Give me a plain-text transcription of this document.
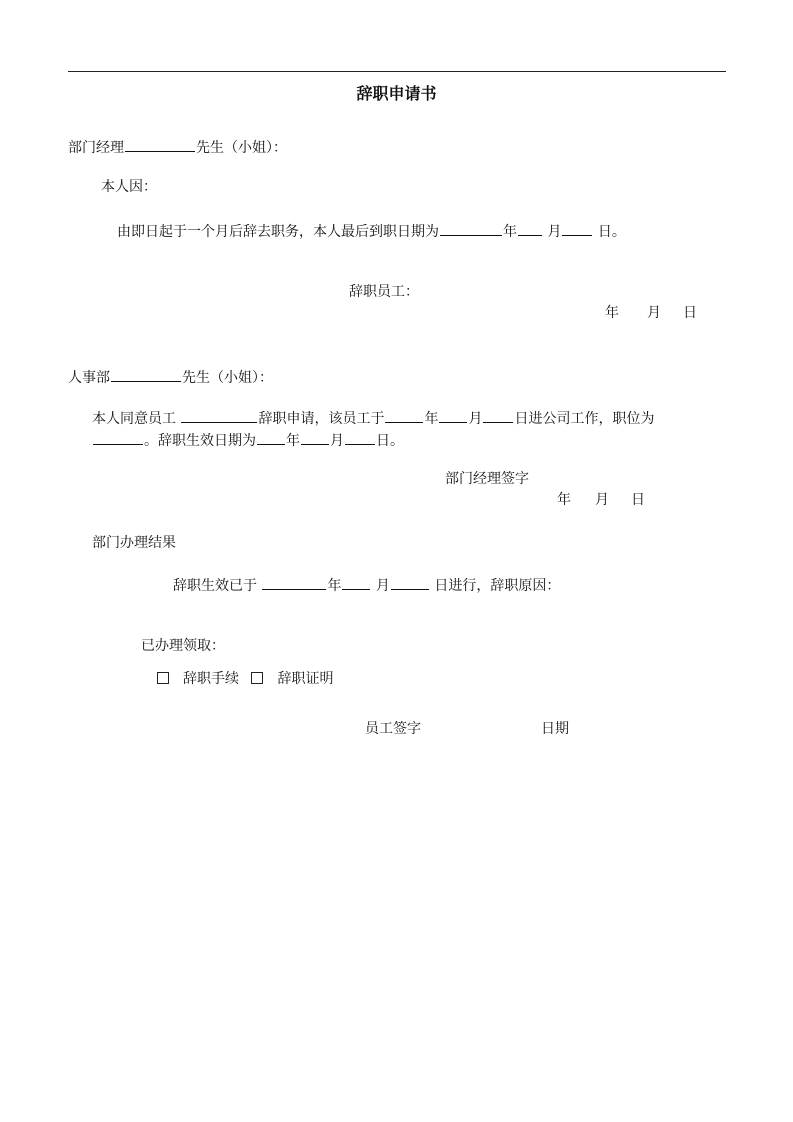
辞职申请书
部门经理	先生（小姐）：
本人因：
由即日起于一个月后辞去职务，本人最后到职日期为	年 月	日。
辞职员工：
年 月 日
人事部	先生（小姐）：
本人同意员工	辞职申请，该员工于	年 月 日进公司工作，职位为
。辞职生效日期为 年 月 日。
部门经理签字
年 月 日
部门办理结果
辞职生效已于	年 月	日进行，辞职原因：
已办理领取：
辞职手续	辞职证明
员工签字	日期
